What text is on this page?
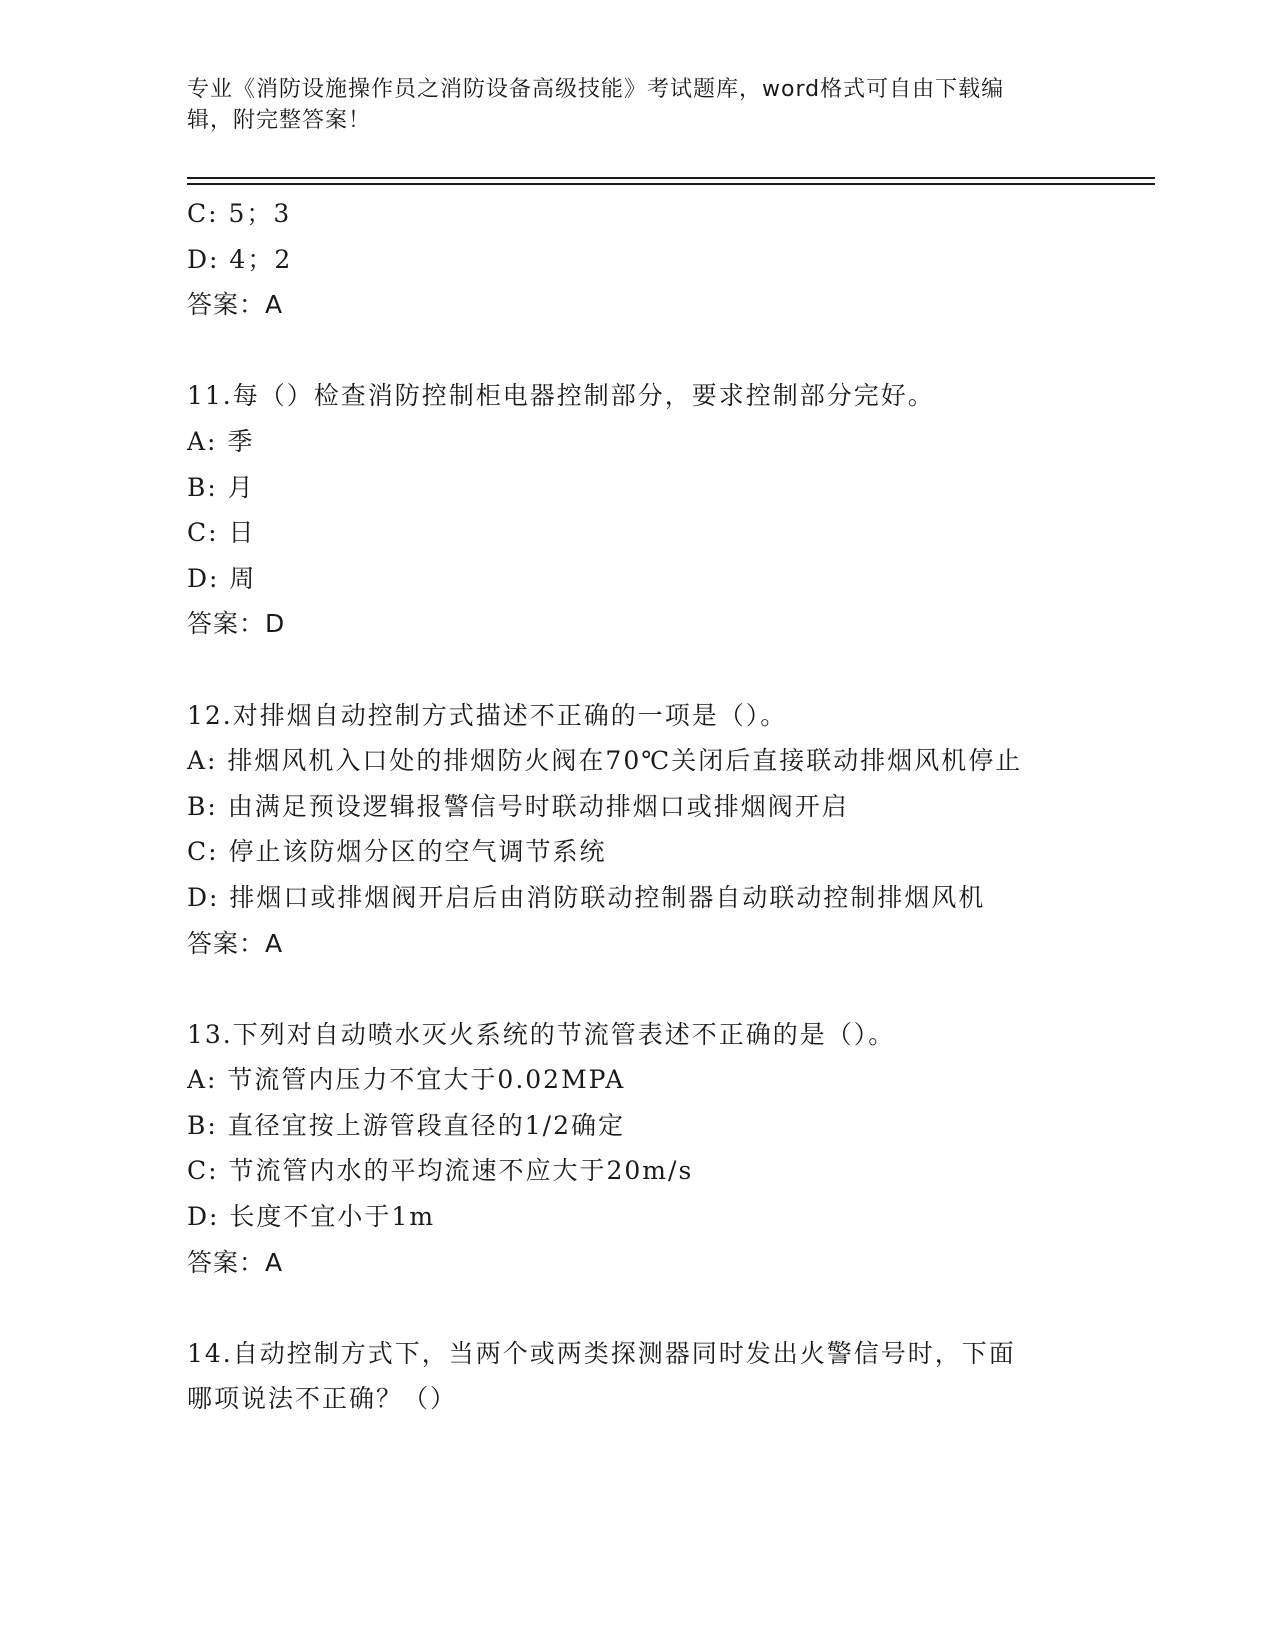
专业《消防设施操作员之消防设备高级技能》考试题库，word格式可自由下载编
辑，附完整答案！
C: 5；3
D: 4；2
答案：A
11.每（）检查消防控制柜电器控制部分，要求控制部分完好。
A: 季
B: 月
C: 日
D: 周
答案：D
12.对排烟自动控制方式描述不正确的一项是（）。
A: 排烟风机入口处的排烟防火阀在70℃关闭后直接联动排烟风机停止
B: 由满足预设逻辑报警信号时联动排烟口或排烟阀开启
C: 停止该防烟分区的空气调节系统
D: 排烟口或排烟阀开启后由消防联动控制器自动联动控制排烟风机
答案：A
13.下列对自动喷水灭火系统的节流管表述不正确的是（）。
A: 节流管内压力不宜大于0.02MPA
B: 直径宜按上游管段直径的1/2确定
C: 节流管内水的平均流速不应大于20m/s
D: 长度不宜小于1m
答案：A
14.自动控制方式下，当两个或两类探测器同时发出火警信号时，下面
哪项说法不正确？（）
